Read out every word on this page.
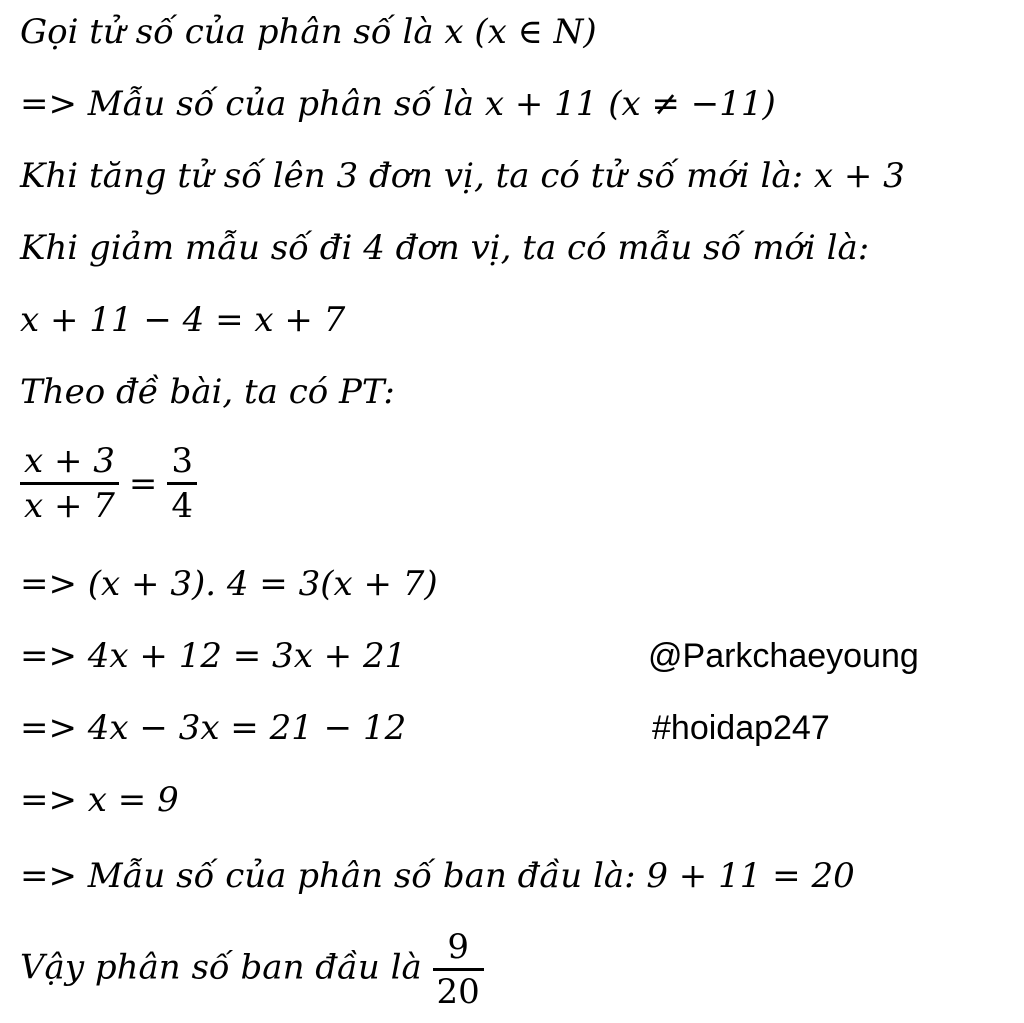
Gọi tử số của phân số là x (x ∈ N)
=> Mẫu số của phân số là x + 11 (x ≠ −11)
Khi tăng tử số lên 3 đơn vị, ta có tử số mới là: x + 3
Khi giảm mẫu số đi 4 đơn vị, ta có mẫu số mới là:
x + 11 − 4 = x + 7
Theo đề bài, ta có PT:
$\frac{x + 3}{x + 7} = \frac{3}{4}$
=> (x + 3). 4 = 3(x + 7)
=> 4x + 12 = 3x + 21
=> 4x − 3x = 21 − 12
=> x = 9
=> Mẫu số của phân số ban đầu là: 9 + 11 = 20
Vậy phân số ban đầu là $\frac{9}{20}$
@Parkchaeyoung
#hoidap247
